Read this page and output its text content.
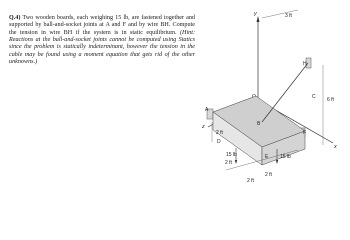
Q.4) Two wooden boards, each weighing 15 lb, are fastened together and supported by ball-and-socket joints at A and F and by wire BH. Compute the tension in wire BH if the system is in static equilibrium. (Hint: Reactions at the ball-and-socket joints cannot be computed using Statics since the problem is statically indeterminant, however the tension in the cable may be found using a moment equation that gets rid of the other unknowns.)

y
x
z
A
B
C
D
E
F
H
3 ft
6 ft
2 ft
2 ft
2 ft
2 ft
15 lb	15 lb
